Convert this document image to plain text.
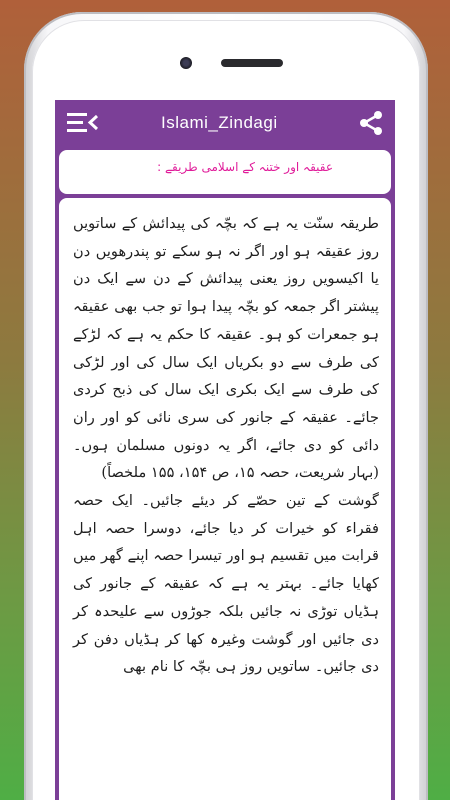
Islami_Zindagi
عقیقہ اور ختنہ کے اسلامی طریقے :

طریقہ سنّت یہ ہے کہ بچّہ کی پیدائش کے ساتویں روز عقیقہ ہو اور اگر نہ ہو سکے تو پندرھویں دن یا اکیسویں روز یعنی پیدائش کے دن سے ایک دن پیشتر اگر جمعہ کو بچّہ پیدا ہوا تو جب بھی عقیقہ ہو جمعرات کو ہو۔ عقیقہ کا حکم یہ ہے کہ لڑکے کی طرف سے دو بکریاں ایک سال کی اور لڑکی کی طرف سے ایک بکری ایک سال کی ذبح کردی جائے۔ عقیقہ کے جانور کی سری نائی کو اور ران دائی کو دی جائے، اگر یہ دونوں مسلمان ہوں۔ (بہار شریعت، حصہ ۱۵، ص ۱۵۴، ۱۵۵ ملخصاً)

گوشت کے تین حصّے کر دیئے جائیں۔ ایک حصہ فقراء کو خیرات کر دیا جائے، دوسرا حصہ اہل قرابت میں تقسیم ہو اور تیسرا حصہ اپنے گھر میں کھایا جائے۔ بہتر یہ ہے کہ عقیقہ کے جانور کی ہڈیاں توڑی نہ جائیں بلکہ جوڑوں سے علیحدہ کر دی جائیں اور گوشت وغیرہ کھا کر ہڈیاں دفن کر دی جائیں۔ ساتویں روز ہی بچّہ کا نام بھی
